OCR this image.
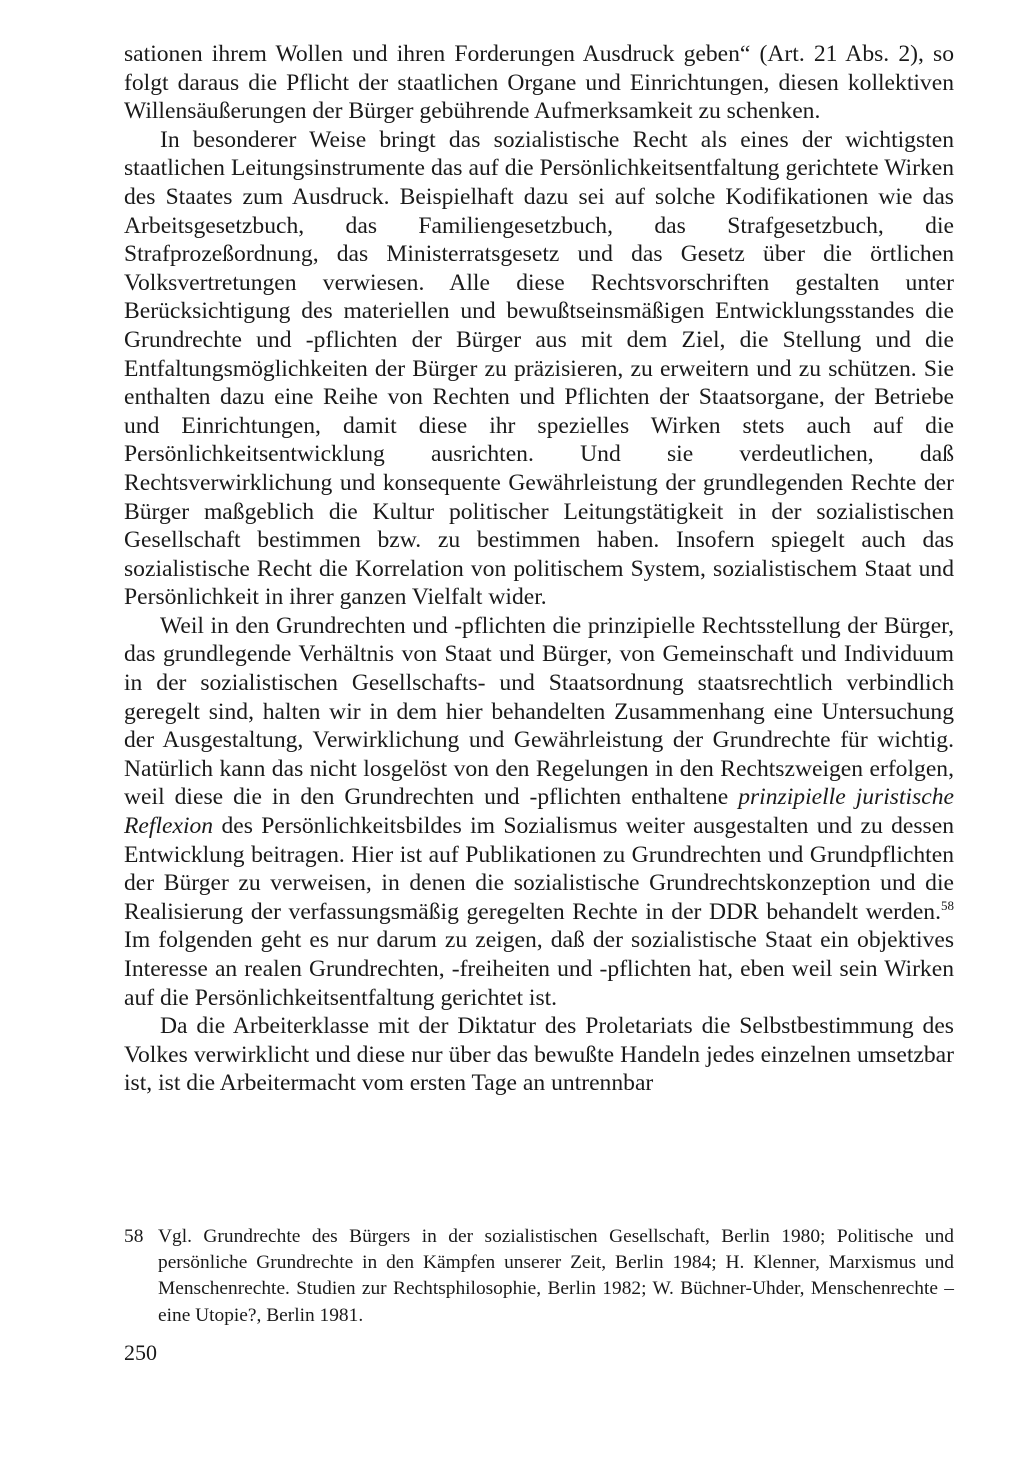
sationen ihrem Wollen und ihren Forderungen Ausdruck geben“ (Art. 21 Abs. 2), so folgt daraus die Pflicht der staatlichen Organe und Einrichtungen, diesen kollektiven Willensäußerungen der Bürger gebührende Aufmerksamkeit zu schenken.

In besonderer Weise bringt das sozialistische Recht als eines der wichtigsten staatlichen Leitungsinstrumente das auf die Persönlichkeitsentfaltung gerichtete Wirken des Staates zum Ausdruck. Beispielhaft dazu sei auf solche Kodifikationen wie das Arbeitsgesetzbuch, das Familiengesetzbuch, das Strafgesetzbuch, die Strafprozeßordnung, das Ministerratsgesetz und das Gesetz über die örtlichen Volksvertretungen verwiesen. Alle diese Rechtsvorschriften gestalten unter Berücksichtigung des materiellen und bewußtseinsmäßigen Entwicklungsstandes die Grundrechte und -pflichten der Bürger aus mit dem Ziel, die Stellung und die Entfaltungsmöglichkeiten der Bürger zu präzisieren, zu erweitern und zu schützen. Sie enthalten dazu eine Reihe von Rechten und Pflichten der Staatsorgane, der Betriebe und Einrichtungen, damit diese ihr spezielles Wirken stets auch auf die Persönlichkeitsentwicklung ausrichten. Und sie verdeutlichen, daß Rechtsverwirklichung und konsequente Gewährleistung der grundlegenden Rechte der Bürger maßgeblich die Kultur politischer Leitungstätigkeit in der sozialistischen Gesellschaft bestimmen bzw. zu bestimmen haben. Insofern spiegelt auch das sozialistische Recht die Korrelation von politischem System, sozialistischem Staat und Persönlichkeit in ihrer ganzen Vielfalt wider.

Weil in den Grundrechten und -pflichten die prinzipielle Rechtsstellung der Bürger, das grundlegende Verhältnis von Staat und Bürger, von Gemeinschaft und Individuum in der sozialistischen Gesellschafts- und Staatsordnung staatsrechtlich verbindlich geregelt sind, halten wir in dem hier behandelten Zusammenhang eine Untersuchung der Ausgestaltung, Verwirklichung und Gewährleistung der Grundrechte für wichtig. Natürlich kann das nicht losgelöst von den Regelungen in den Rechtszweigen erfolgen, weil diese die in den Grundrechten und -pflichten enthaltene prinzipielle juristische Reflexion des Persönlichkeitsbildes im Sozialismus weiter ausgestalten und zu dessen Entwicklung beitragen. Hier ist auf Publikationen zu Grundrechten und Grundpflichten der Bürger zu verweisen, in denen die sozialistische Grundrechtskonzeption und die Realisierung der verfassungsmäßig geregelten Rechte in der DDR behandelt werden.$^{58}$ Im folgenden geht es nur darum zu zeigen, daß der sozialistische Staat ein objektives Interesse an realen Grundrechten, -freiheiten und -pflichten hat, eben weil sein Wirken auf die Persönlichkeitsentfaltung gerichtet ist.

Da die Arbeiterklasse mit der Diktatur des Proletariats die Selbstbestimmung des Volkes verwirklicht und diese nur über das bewußte Handeln jedes einzelnen umsetzbar ist, ist die Arbeitermacht vom ersten Tage an untrennbar

58 Vgl. Grundrechte des Bürgers in der sozialistischen Gesellschaft, Berlin 1980; Politische und persönliche Grundrechte in den Kämpfen unserer Zeit, Berlin 1984; H. Klenner, Marxismus und Menschenrechte. Studien zur Rechtsphilosophie, Berlin 1982; W. Büchner-Uhder, Menschenrechte – eine Utopie?, Berlin 1981.

250
